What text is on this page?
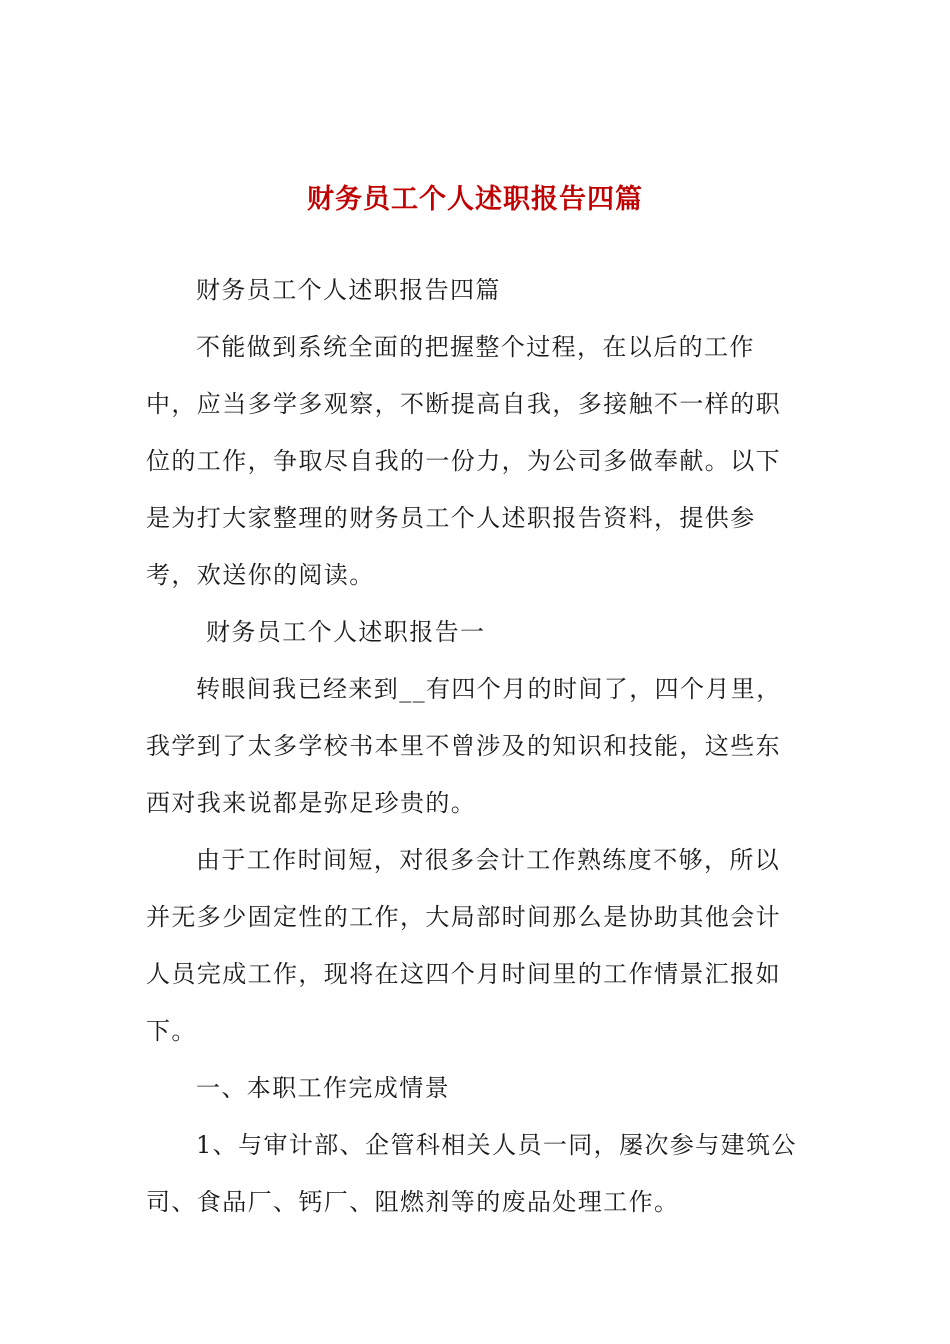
财务员工个人述职报告四篇

财务员工个人述职报告四篇

不能做到系统全面的把握整个过程，在以后的工作中，应当多学多观察，不断提高自我，多接触不一样的职位的工作，争取尽自我的一份力，为公司多做奉献。以下是为打大家整理的财务员工个人述职报告资料，提供参考，欢送你的阅读。

财务员工个人述职报告一

转眼间我已经来到__有四个月的时间了，四个月里，我学到了太多学校书本里不曾涉及的知识和技能，这些东西对我来说都是弥足珍贵的。

由于工作时间短，对很多会计工作熟练度不够，所以并无多少固定性的工作，大局部时间那么是协助其他会计人员完成工作，现将在这四个月时间里的工作情景汇报如下。

一、本职工作完成情景

1、与审计部、企管科相关人员一同，屡次参与建筑公司、食品厂、钙厂、阻燃剂等的废品处理工作。
